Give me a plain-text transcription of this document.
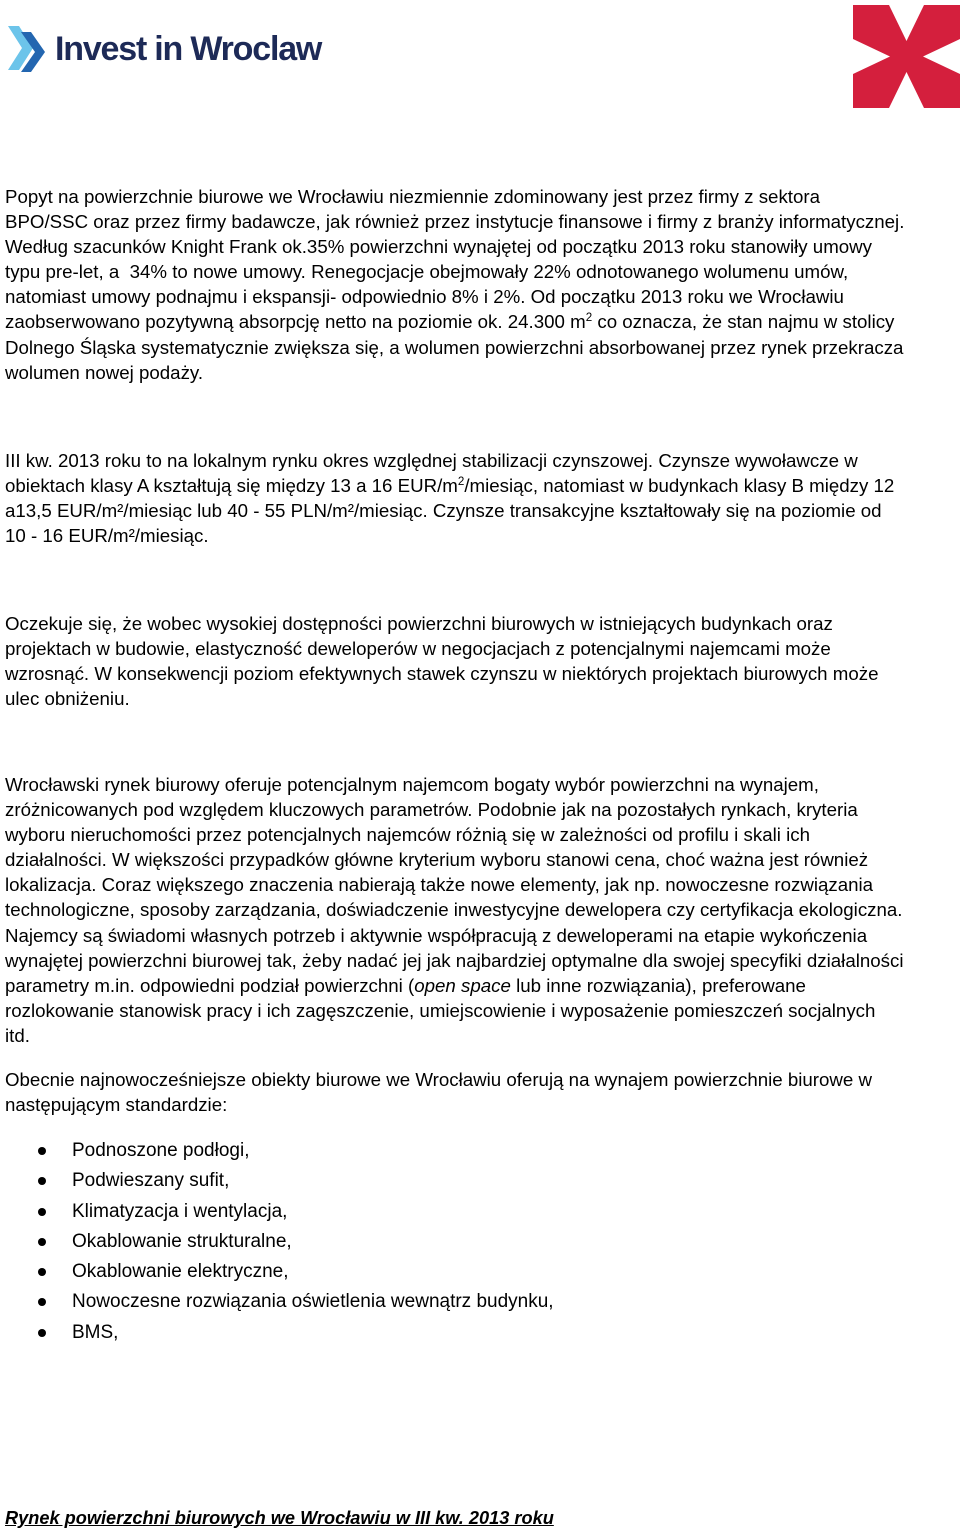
Invest in Wroclaw
Popyt na powierzchnie biurowe we Wrocławiu niezmiennie zdominowany jest przez firmy z sektora
BPO/SSC oraz przez firmy badawcze, jak również przez instytucje finansowe i firmy z branży informatycznej.
Według szacunków Knight Frank ok.35% powierzchni wynajętej od początku 2013 roku stanowiły umowy
typu pre-let, a  34% to nowe umowy. Renegocjacje obejmowały 22% odnotowanego wolumenu umów,
natomiast umowy podnajmu i ekspansji- odpowiednio 8% i 2%. Od początku 2013 roku we Wrocławiu
zaobserwowano pozytywną absorpcję netto na poziomie ok. 24.300 $m^2$ co oznacza, że stan najmu w stolicy
Dolnego Śląska systematycznie zwiększa się, a wolumen powierzchni absorbowanej przez rynek przekracza
wolumen nowej podaży.
III kw. 2013 roku to na lokalnym rynku okres względnej stabilizacji czynszowej. Czynsze wywoławcze w
obiektach klasy A kształtują się między 13 a 16 EUR/$m^2$/miesiąc, natomiast w budynkach klasy B między 12
a13,5 EUR/m²/miesiąc lub 40 - 55 PLN/m²/miesiąc. Czynsze transakcyjne kształtowały się na poziomie od
10 - 16 EUR/m²/miesiąc.
Oczekuje się, że wobec wysokiej dostępności powierzchni biurowych w istniejących budynkach oraz
projektach w budowie, elastyczność deweloperów w negocjacjach z potencjalnymi najemcami może
wzrosnąć. W konsekwencji poziom efektywnych stawek czynszu w niektórych projektach biurowych może
ulec obniżeniu.
Wrocławski rynek biurowy oferuje potencjalnym najemcom bogaty wybór powierzchni na wynajem,
zróżnicowanych pod względem kluczowych parametrów. Podobnie jak na pozostałych rynkach, kryteria
wyboru nieruchomości przez potencjalnych najemców różnią się w zależności od profilu i skali ich
działalności. W większości przypadków główne kryterium wyboru stanowi cena, choć ważna jest również
lokalizacja. Coraz większego znaczenia nabierają także nowe elementy, jak np. nowoczesne rozwiązania
technologiczne, sposoby zarządzania, doświadczenie inwestycyjne dewelopera czy certyfikacja ekologiczna.
Najemcy są świadomi własnych potrzeb i aktywnie współpracują z deweloperami na etapie wykończenia
wynajętej powierzchni biurowej tak, żeby nadać jej jak najbardziej optymalne dla swojej specyfiki działalności
parametry m.in. odpowiedni podział powierzchni (open space lub inne rozwiązania), preferowane
rozlokowanie stanowisk pracy i ich zagęszczenie, umiejscowienie i wyposażenie pomieszczeń socjalnych
itd.
Obecnie najnowocześniejsze obiekty biurowe we Wrocławiu oferują na wynajem powierzchnie biurowe w
następującym standardzie:
Podnoszone podłogi,
Podwieszany sufit,
Klimatyzacja i wentylacja,
Okablowanie strukturalne,
Okablowanie elektryczne,
Nowoczesne rozwiązania oświetlenia wewnątrz budynku,
BMS,
Rynek powierzchni biurowych we Wrocławiu w III kw. 2013 roku
